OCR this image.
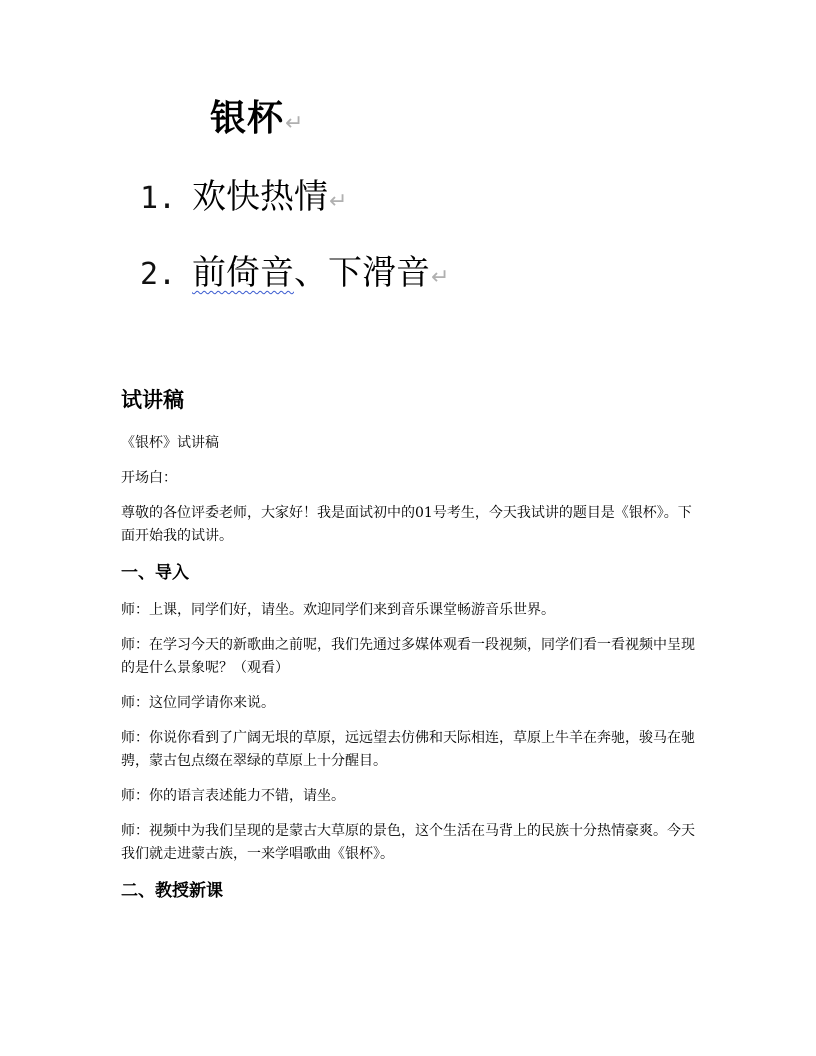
银杯↵
1. 欢快热情↵
2. 前倚音、下滑音↵
试讲稿

《银杯》试讲稿

开场白：

尊敬的各位评委老师，大家好！我是面试初中的01号考生，今天我试讲的题目是《银杯》。下面开始我的试讲。

一、导入

师：上课，同学们好，请坐。欢迎同学们来到音乐课堂畅游音乐世界。

师：在学习今天的新歌曲之前呢，我们先通过多媒体观看一段视频，同学们看一看视频中呈现的是什么景象呢？（观看）

师：这位同学请你来说。

师：你说你看到了广阔无垠的草原，远远望去仿佛和天际相连，草原上牛羊在奔驰，骏马在驰骋，蒙古包点缀在翠绿的草原上十分醒目。

师：你的语言表述能力不错，请坐。

师：视频中为我们呈现的是蒙古大草原的景色，这个生活在马背上的民族十分热情豪爽。今天我们就走进蒙古族，一来学唱歌曲《银杯》。

二、教授新课
